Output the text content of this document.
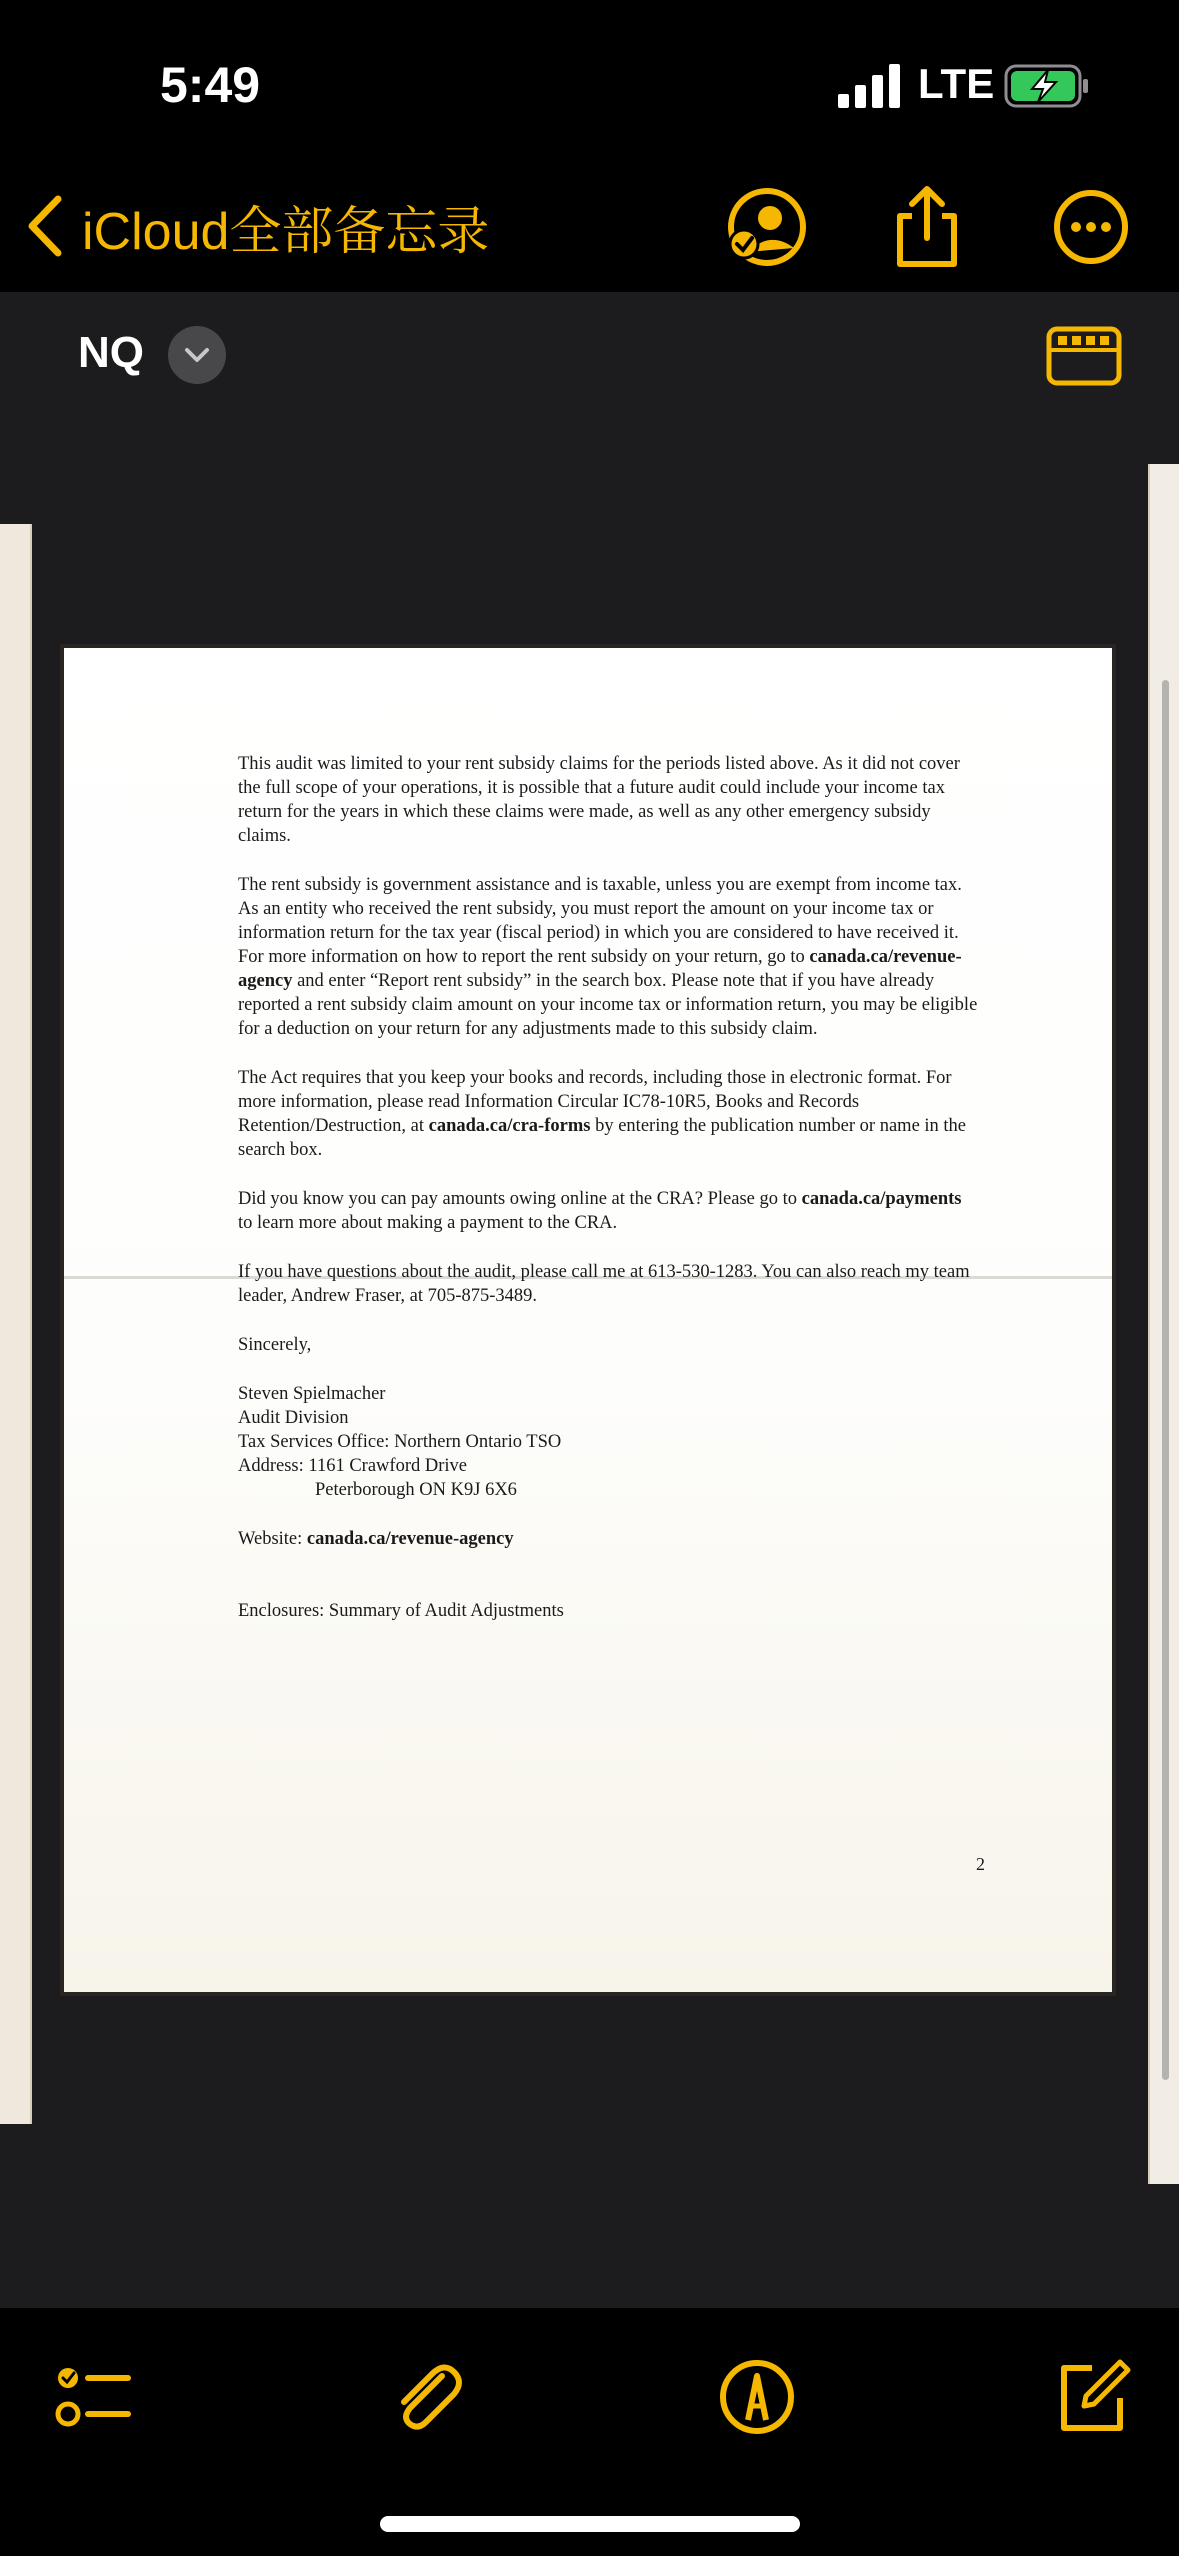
5:49	LTE
iCloud全部备忘录
NQ

This audit was limited to your rent subsidy claims for the periods listed above. As it did not cover the full scope of your operations, it is possible that a future audit could include your income tax return for the years in which these claims were made, as well as any other emergency subsidy claims.

The rent subsidy is government assistance and is taxable, unless you are exempt from income tax. As an entity who received the rent subsidy, you must report the amount on your income tax or information return for the tax year (fiscal period) in which you are considered to have received it. For more information on how to report the rent subsidy on your return, go to canada.ca/revenue-agency and enter “Report rent subsidy” in the search box. Please note that if you have already reported a rent subsidy claim amount on your income tax or information return, you may be eligible for a deduction on your return for any adjustments made to this subsidy claim.

The Act requires that you keep your books and records, including those in electronic format. For more information, please read Information Circular IC78-10R5, Books and Records Retention/Destruction, at canada.ca/cra-forms by entering the publication number or name in the search box.

Did you know you can pay amounts owing online at the CRA? Please go to canada.ca/payments to learn more about making a payment to the CRA.

If you have questions about the audit, please call me at 613-530-1283. You can also reach my team leader, Andrew Fraser, at 705-875-3489.

Sincerely,

Steven Spielmacher

Audit Division

Tax Services Office: Northern Ontario TSO

Address: 1161 Crawford Drive

Peterborough ON K9J 6X6

Website: canada.ca/revenue-agency

Enclosures: Summary of Audit Adjustments

2
